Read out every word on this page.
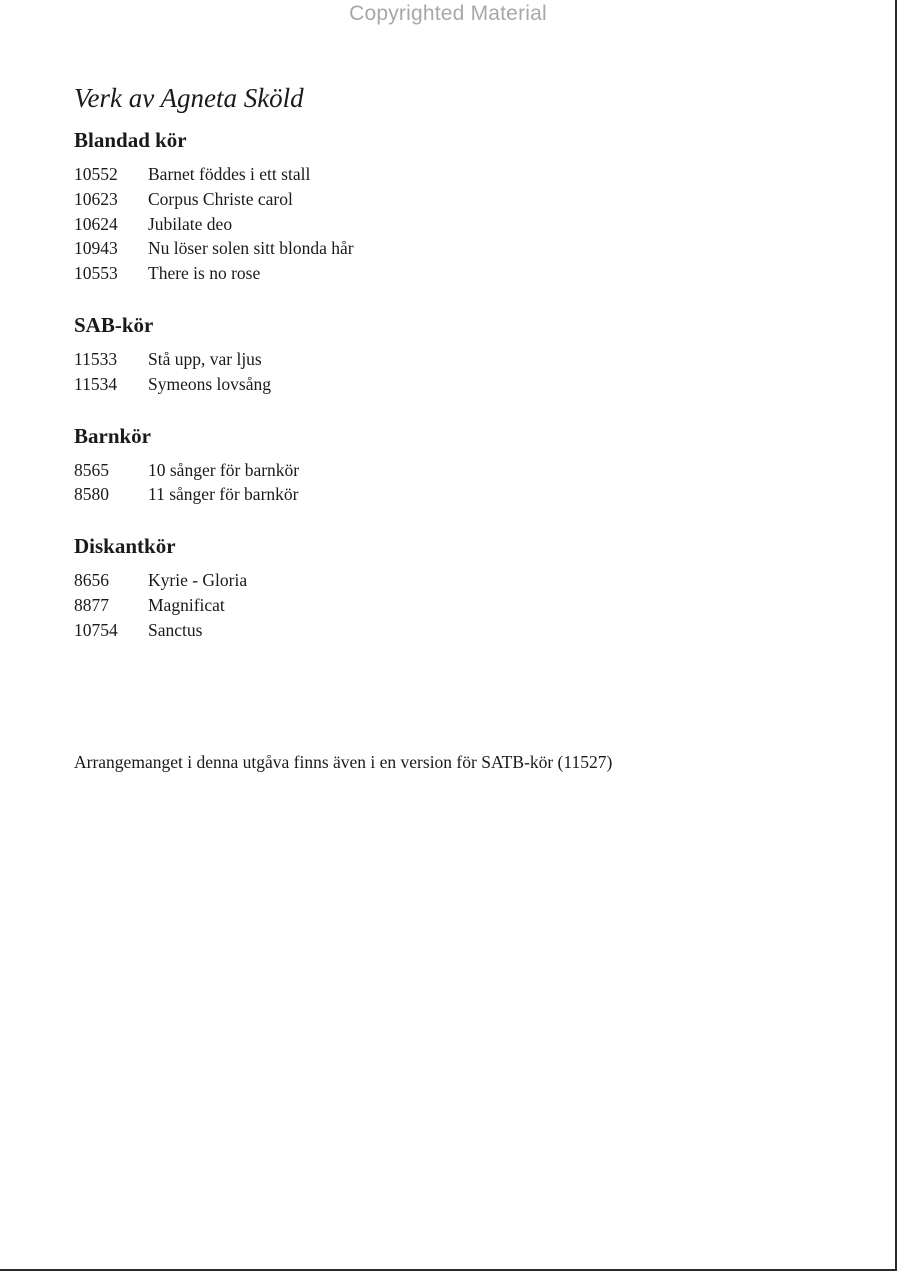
Copyrighted Material
Verk av Agneta Sköld
Blandad kör
10552	Barnet föddes i ett stall
10623	Corpus Christe carol
10624	Jubilate deo
10943	Nu löser solen sitt blonda hår
10553	There is no rose
SAB-kör
11533	Stå upp, var ljus
11534	Symeons lovsång
Barnkör
8565	10 sånger för barnkör
8580	11 sånger för barnkör
Diskantkör
8656	Kyrie - Gloria
8877	Magnificat
10754	Sanctus
Arrangemanget i denna utgåva finns även i en version för SATB-kör (11527)
